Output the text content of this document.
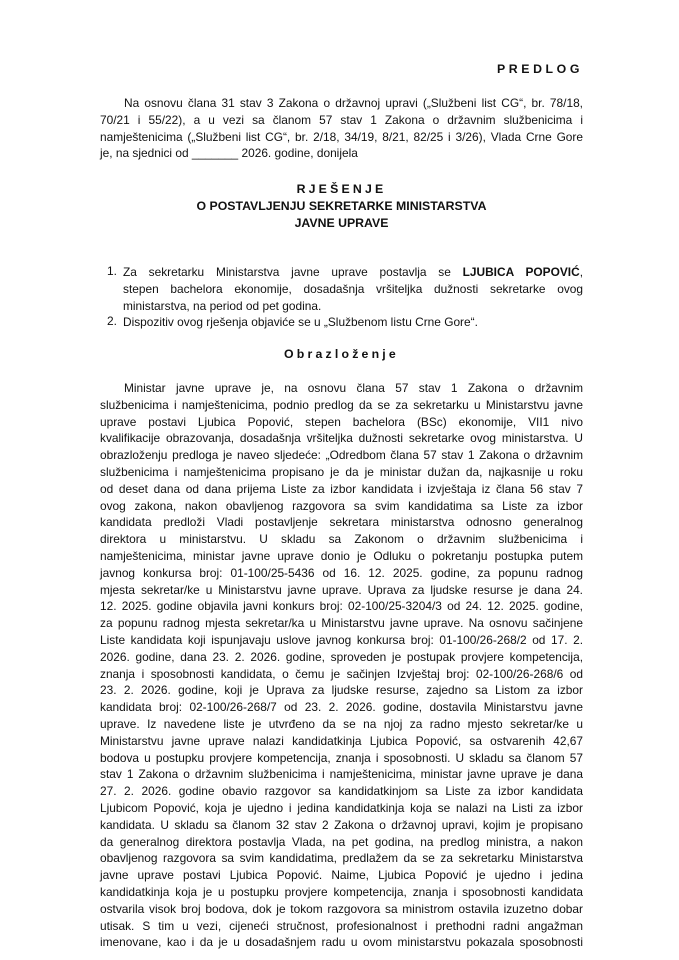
PREDLOG
Na osnovu člana 31 stav 3 Zakona o državnoj upravi („Službeni list CG“, br. 78/18,
70/21 i 55/22), a u vezi sa članom 57 stav 1 Zakona o državnim službenicima i
namještenicima („Službeni list CG“, br. 2/18, 34/19, 8/21, 82/25 i 3/26), Vlada Crne Gore
je, na sjednici od _______ 2026. godine, donijela
RJEŠENJE
O POSTAVLJENJU SEKRETARKE MINISTARSTVA
JAVNE UPRAVE
1. Za sekretarku Ministarstva javne uprave postavlja se LJUBICA POPOVIĆ,
stepen bachelora ekonomije, dosadašnja vršiteljka dužnosti sekretarke ovog
ministarstva, na period od pet godina.
2. Dispozitiv ovog rješenja objaviće se u „Službenom listu Crne Gore“.
Obrazloženje
Ministar javne uprave je, na osnovu člana 57 stav 1 Zakona o državnim
službenicima i namještenicima, podnio predlog da se za sekretarku u Ministarstvu javne
uprave postavi Ljubica Popović, stepen bachelora (BSc) ekonomije, VII1 nivo
kvalifikacije obrazovanja, dosadašnja vršiteljka dužnosti sekretarke ovog ministarstva. U
obrazloženju predloga je naveo sljedeće: „Odredbom člana 57 stav 1 Zakona o državnim
službenicima i namještenicima propisano je da je ministar dužan da, najkasnije u roku
od deset dana od dana prijema Liste za izbor kandidata i izvještaja iz člana 56 stav 7
ovog zakona, nakon obavljenog razgovora sa svim kandidatima sa Liste za izbor
kandidata predloži Vladi postavljenje sekretara ministarstva odnosno generalnog
direktora u ministarstvu. U skladu sa Zakonom o državnim službenicima i
namještenicima, ministar javne uprave donio je Odluku o pokretanju postupka putem
javnog konkursa broj: 01-100/25-5436 od 16. 12. 2025. godine, za popunu radnog
mjesta sekretar/ke u Ministarstvu javne uprave. Uprava za ljudske resurse je dana 24.
12. 2025. godine objavila javni konkurs broj: 02-100/25-3204/3 od 24. 12. 2025. godine,
za popunu radnog mjesta sekretar/ka u Ministarstvu javne uprave. Na osnovu sačinjene
Liste kandidata koji ispunjavaju uslove javnog konkursa broj: 01-100/26-268/2 od 17. 2.
2026. godine, dana 23. 2. 2026. godine, sproveden je postupak provjere kompetencija,
znanja i sposobnosti kandidata, o čemu je sačinjen Izvještaj broj: 02-100/26-268/6 od
23. 2. 2026. godine, koji je Uprava za ljudske resurse, zajedno sa Listom za izbor
kandidata broj: 02-100/26-268/7 od 23. 2. 2026. godine, dostavila Ministarstvu javne
uprave. Iz navedene liste je utvrđeno da se na njoj za radno mjesto sekretar/ke u
Ministarstvu javne uprave nalazi kandidatkinja Ljubica Popović, sa ostvarenih 42,67
bodova u postupku provjere kompetencija, znanja i sposobnosti. U skladu sa članom 57
stav 1 Zakona o državnim službenicima i namještenicima, ministar javne uprave je dana
27. 2. 2026. godine obavio razgovor sa kandidatkinjom sa Liste za izbor kandidata
Ljubicom Popović, koja je ujedno i jedina kandidatkinja koja se nalazi na Listi za izbor
kandidata. U skladu sa članom 32 stav 2 Zakona o državnoj upravi, kojim je propisano
da generalnog direktora postavlja Vlada, na pet godina, na predlog ministra, a nakon
obavljenog razgovora sa svim kandidatima, predlažem da se za sekretarku Ministarstva
javne uprave postavi Ljubica Popović. Naime, Ljubica Popović je ujedno i jedina
kandidatkinja koja je u postupku provjere kompetencija, znanja i sposobnosti kandidata
ostvarila visok broj bodova, dok je tokom razgovora sa ministrom ostavila izuzetno dobar
utisak. S tim u vezi, cijeneći stručnost, profesionalnost i prethodni radni angažman
imenovane, kao i da je u dosadašnjem radu u ovom ministarstvu pokazala sposobnosti
